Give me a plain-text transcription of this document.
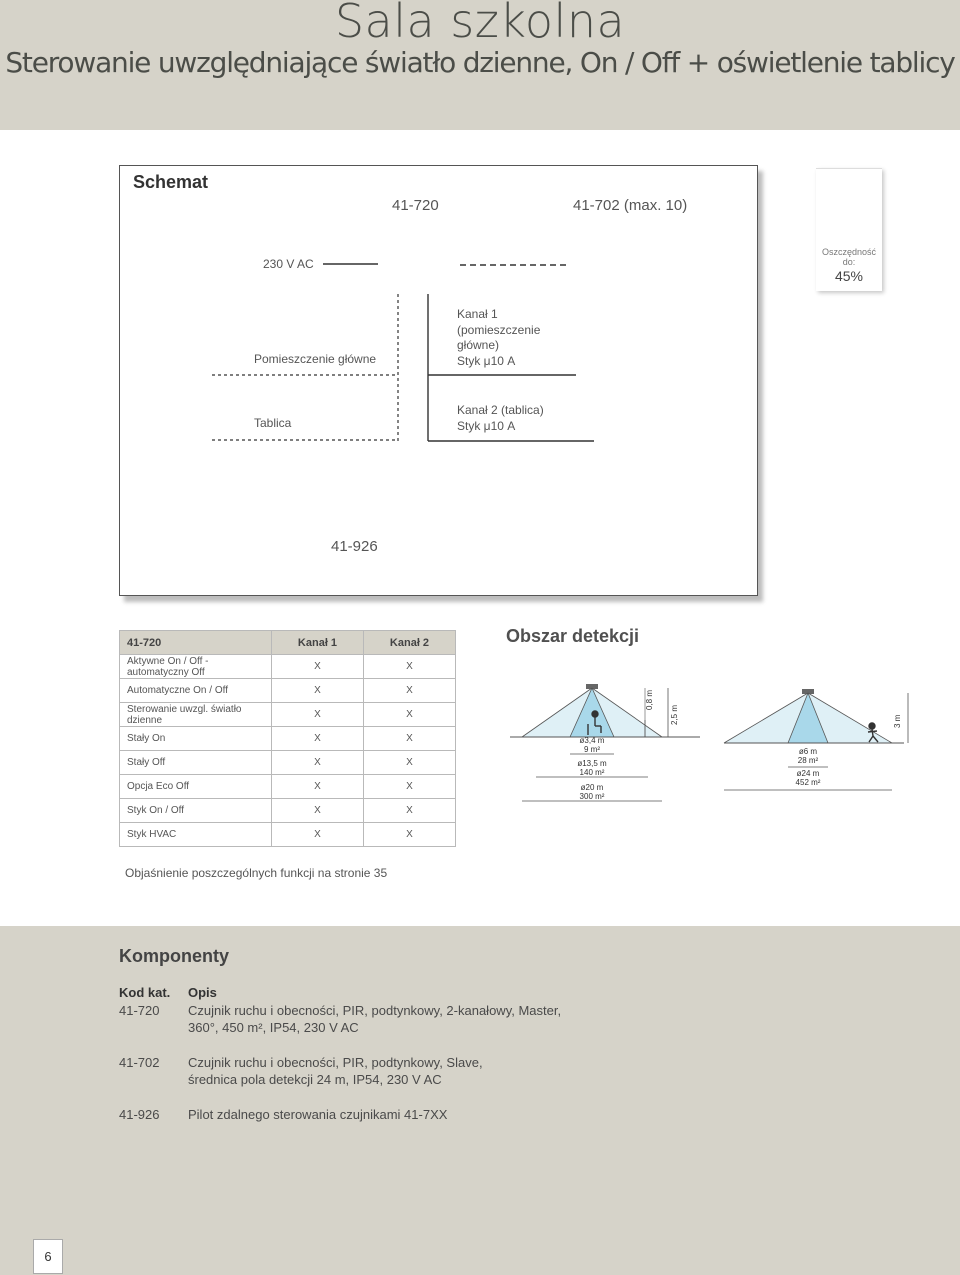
Sala szkolna
Sterowanie uwzględniające światło dzienne, On / Off + oświetlenie tablicy
Schemat
41-720	41-702 (max. 10)
230 V AC
Pomieszczenie główne
Tablica
Kanał 1
(pomieszczenie
główne)
Styk μ10 A
Kanał 2 (tablica)
Styk μ10 A
41-926
Oszczędność
do:
45%
41-720	Kanał 1	Kanał 2
Aktywne On / Off - automatyczny Off	X	X
Automatyczne On / Off	X	X
Sterowanie uwzgl. światło dzienne	X	X
Stały On	X	X
Stały Off	X	X
Opcja Eco Off	X	X
Styk On / Off	X	X
Styk HVAC	X	X
Obszar detekcji
0,8 m
2,5 m
ø3,4 m
9 m²
ø13,5 m
140 m²
ø20 m
300 m²
3 m
ø6 m
28 m²
ø24 m
452 m²
Objaśnienie poszczególnych funkcji na stronie 35
Komponenty
Kod kat. Opis
41-720 Czujnik ruchu i obecności, PIR, podtynkowy, 2-kanałowy, Master,
360°, 450 m², IP54, 230 V AC
41-702 Czujnik ruchu i obecności, PIR, podtynkowy, Slave,
średnica pola detekcji 24 m, IP54, 230 V AC
41-926 Pilot zdalnego sterowania czujnikami 41-7XX
6
